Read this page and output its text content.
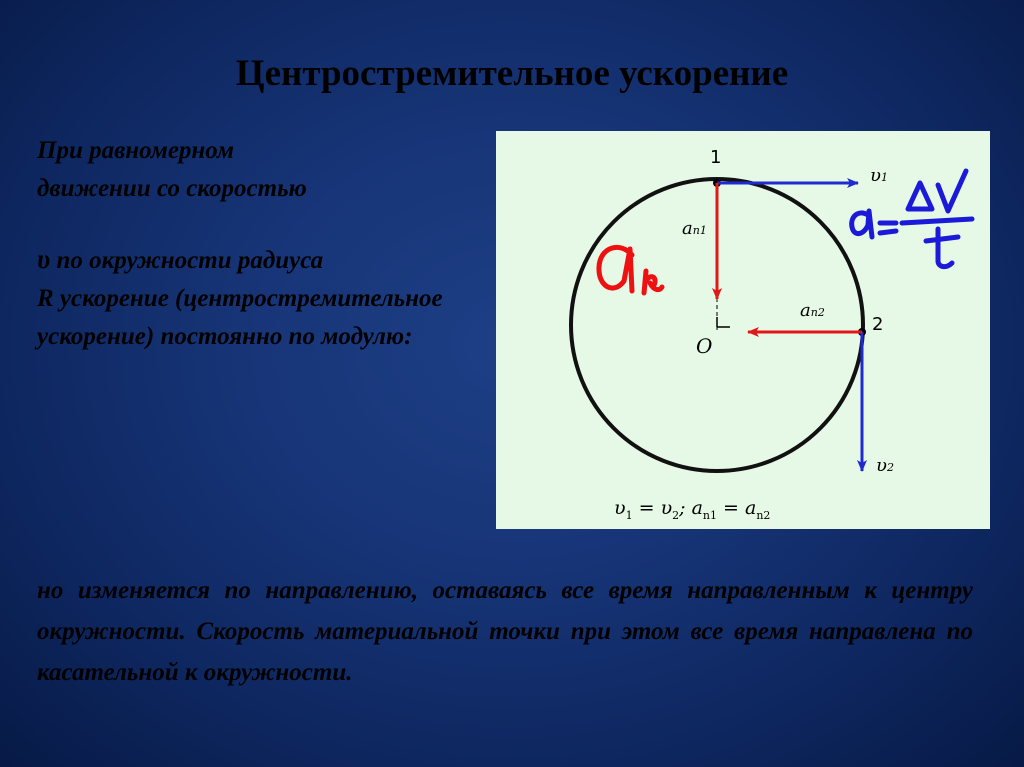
Центростремительное ускорение

При равномерном
движении со скоростью

υ по окружности радиуса
R ускорение (центростремительное ускорение) постоянно по модулю:

1
2
O
υ1
υ2
an1
an2
$\upsilon_1 = \upsilon_2$; $a_{n1} = a_{n2}$

но изменяется по направлению, оставаясь все время направленным к центру окружности. Скорость материальной точки при этом все время направлена по касательной к окружности.
